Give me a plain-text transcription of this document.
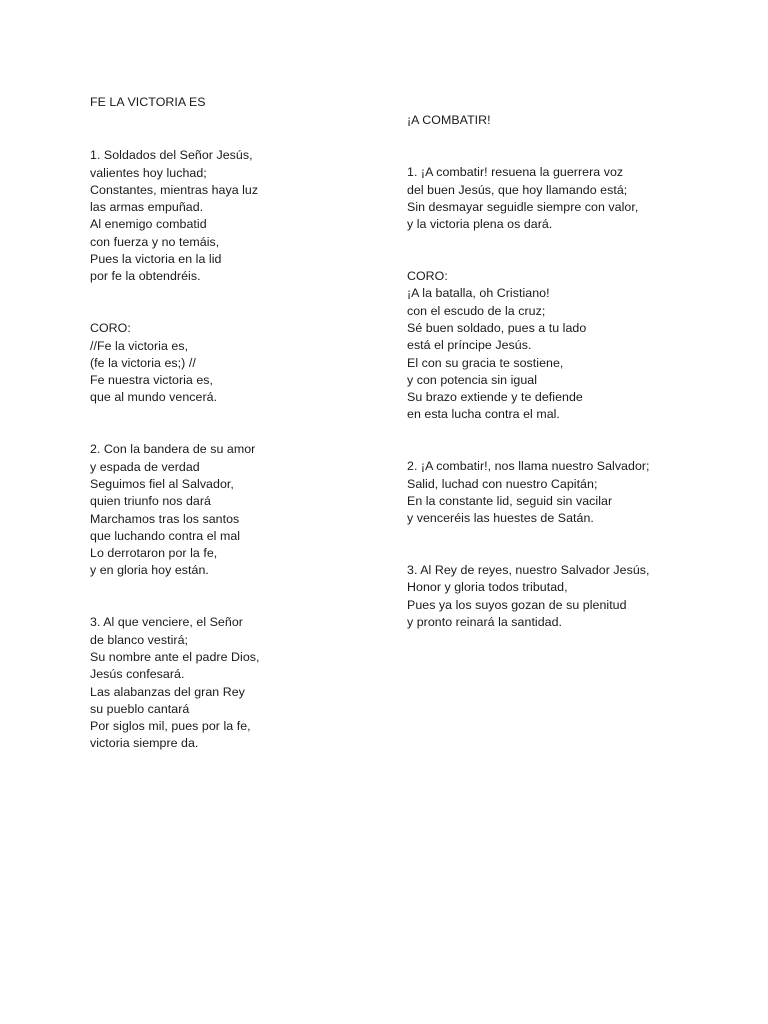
FE LA VICTORIA ES
1. Soldados del Señor Jesús,
valientes hoy luchad;
Constantes, mientras haya luz
las armas empuñad.
Al enemigo combatid
con fuerza y no temáis,
Pues la victoria en la lid
por fe la obtendréis.
CORO:
//Fe la victoria es,
(fe la victoria es;) //
Fe nuestra victoria es,
que al mundo vencerá.
2. Con la bandera de su amor
y espada de verdad
Seguimos fiel al Salvador,
quien triunfo nos dará
Marchamos tras los santos
que luchando contra el mal
Lo derrotaron por la fe,
y en gloria hoy están.
3. Al que venciere, el Señor
de blanco vestirá;
Su nombre ante el padre Dios,
Jesús confesará.
Las alabanzas del gran Rey
su pueblo cantará
Por siglos mil, pues por la fe,
victoria siempre da.
¡A COMBATIR!
1. ¡A combatir! resuena la guerrera voz
del buen Jesús, que hoy llamando está;
Sin desmayar seguidle siempre con valor,
y la victoria plena os dará.
CORO:
¡A la batalla, oh Cristiano!
con el escudo de la cruz;
Sé buen soldado, pues a tu lado
está el príncipe Jesús.
El con su gracia te sostiene,
y con potencia sin igual
Su brazo extiende y te defiende
en esta lucha contra el mal.
2. ¡A combatir!, nos llama nuestro Salvador;
Salid, luchad con nuestro Capitán;
En la constante lid, seguid sin vacilar
y venceréis las huestes de Satán.
3. Al Rey de reyes, nuestro Salvador Jesús,
Honor y gloria todos tributad,
Pues ya los suyos gozan de su plenitud
y pronto reinará la santidad.
